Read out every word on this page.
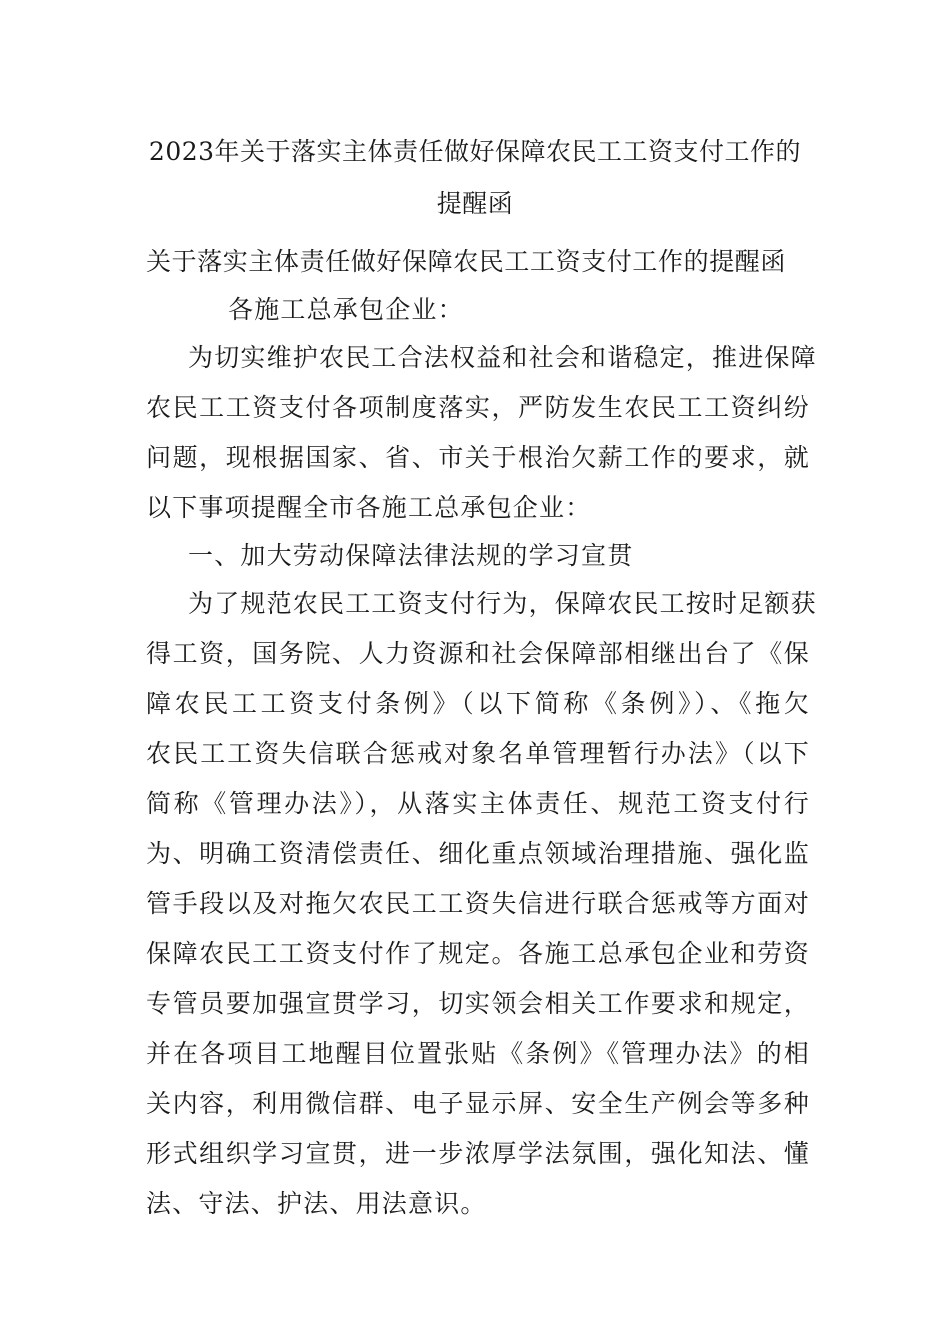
2023年关于落实主体责任做好保障农民工工资支付工作的
提醒函
关于落实主体责任做好保障农民工工资支付工作的提醒函
各施工总承包企业：
为切实维护农民工合法权益和社会和谐稳定，推进保障
农民工工资支付各项制度落实，严防发生农民工工资纠纷
问题，现根据国家、省、市关于根治欠薪工作的要求，就
以下事项提醒全市各施工总承包企业：
一、加大劳动保障法律法规的学习宣贯
为了规范农民工工资支付行为，保障农民工按时足额获
得工资，国务院、人力资源和社会保障部相继出台了《保
障农民工工资支付条例》（以下简称《条例》）、《拖欠
农民工工资失信联合惩戒对象名单管理暂行办法》（以下
简称《管理办法》），从落实主体责任、规范工资支付行
为、明确工资清偿责任、细化重点领域治理措施、强化监
管手段以及对拖欠农民工工资失信进行联合惩戒等方面对
保障农民工工资支付作了规定。各施工总承包企业和劳资
专管员要加强宣贯学习，切实领会相关工作要求和规定，
并在各项目工地醒目位置张贴《条例》《管理办法》的相
关内容，利用微信群、电子显示屏、安全生产例会等多种
形式组织学习宣贯，进一步浓厚学法氛围，强化知法、懂
法、守法、护法、用法意识。
